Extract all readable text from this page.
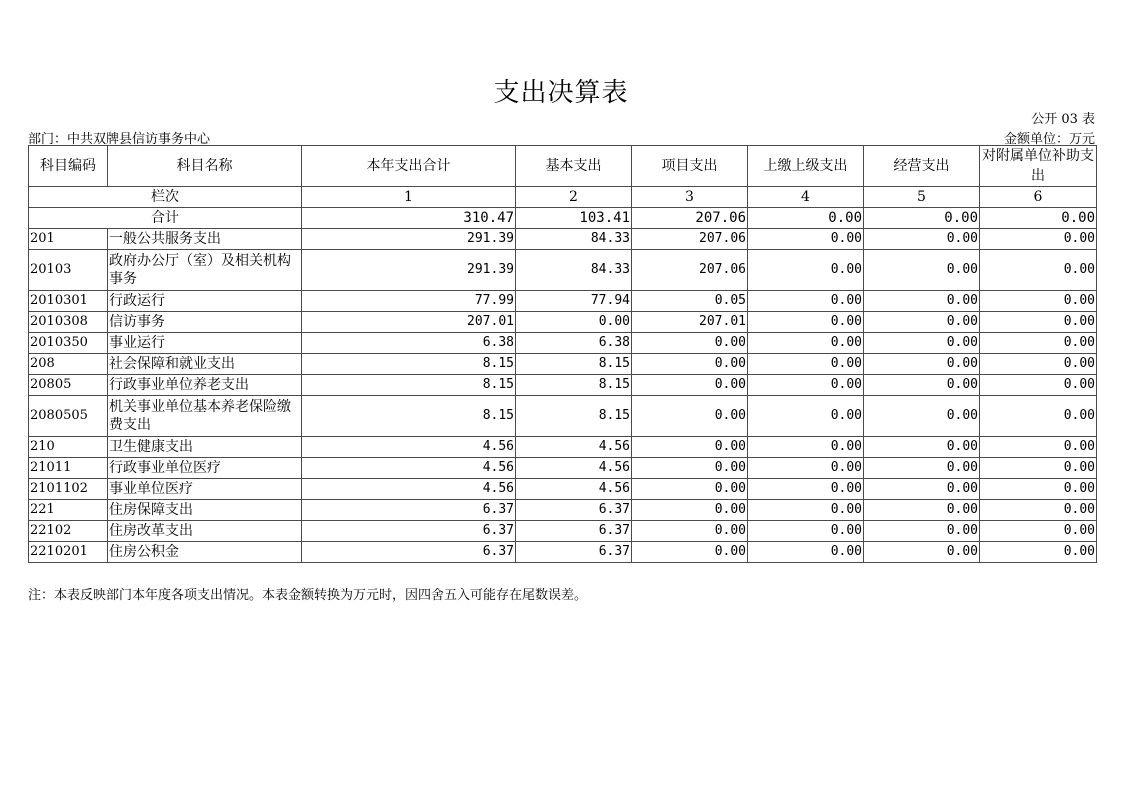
支出决算表
公开 03 表
部门：中共双牌县信访事务中心	金额单位：万元
科目编码	科目名称	本年支出合计	基本支出	项目支出	上缴上级支出	经营支出	对附属单位补助支出
栏次		1	2	3	4	5	6
合计		310.47	103.41	207.06	0.00	0.00	0.00
201	一般公共服务支出	291.39	84.33	207.06	0.00	0.00	0.00
20103	政府办公厅（室）及相关机构事务	291.39	84.33	207.06	0.00	0.00	0.00
2010301	行政运行	77.99	77.94	0.05	0.00	0.00	0.00
2010308	信访事务	207.01	0.00	207.01	0.00	0.00	0.00
2010350	事业运行	6.38	6.38	0.00	0.00	0.00	0.00
208	社会保障和就业支出	8.15	8.15	0.00	0.00	0.00	0.00
20805	行政事业单位养老支出	8.15	8.15	0.00	0.00	0.00	0.00
2080505	机关事业单位基本养老保险缴费支出	8.15	8.15	0.00	0.00	0.00	0.00
210	卫生健康支出	4.56	4.56	0.00	0.00	0.00	0.00
21011	行政事业单位医疗	4.56	4.56	0.00	0.00	0.00	0.00
2101102	事业单位医疗	4.56	4.56	0.00	0.00	0.00	0.00
221	住房保障支出	6.37	6.37	0.00	0.00	0.00	0.00
22102	住房改革支出	6.37	6.37	0.00	0.00	0.00	0.00
2210201	住房公积金	6.37	6.37	0.00	0.00	0.00	0.00
注：本表反映部门本年度各项支出情况。本表金额转换为万元时，因四舍五入可能存在尾数误差。
